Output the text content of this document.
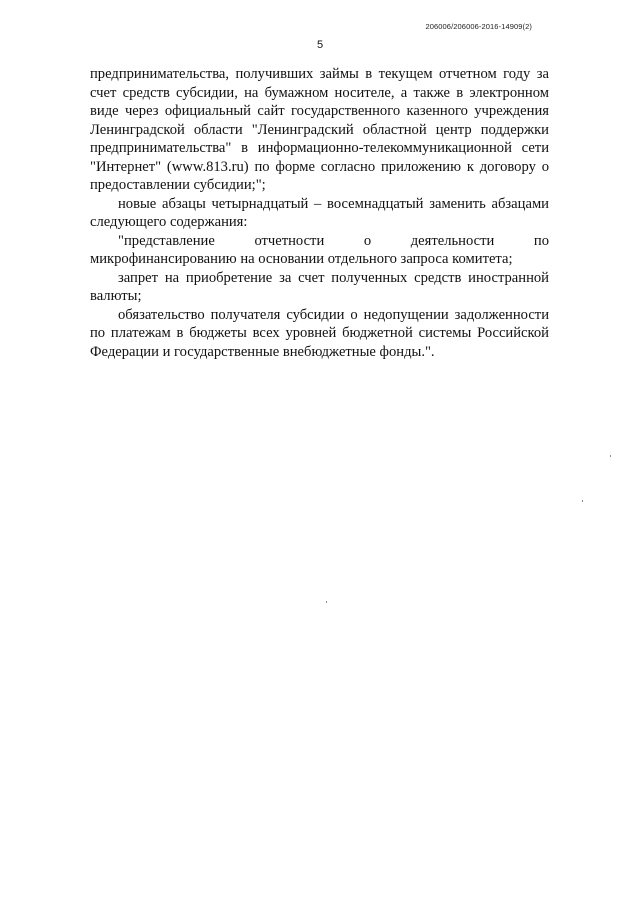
206006/206006-2016-14909(2)
5

предпринимательства, получивших займы в текущем отчетном году за счет средств субсидии, на бумажном носителе, а также в электронном виде через официальный сайт государственного казенного учреждения Ленинградской области "Ленинградский областной центр поддержки предпринимательства" в информационно-телекоммуникационной сети "Интернет" (www.813.ru) по форме согласно приложению к договору о предоставлении субсидии;";

новые абзацы четырнадцатый – восемнадцатый заменить абзацами следующего содержания:

"представление отчетности о деятельности по микрофинансированию на основании отдельного запроса комитета;

запрет на приобретение за счет полученных средств иностранной валюты;

обязательство получателя субсидии о недопущении задолженности по платежам в бюджеты всех уровней бюджетной системы Российской Федерации и государственные внебюджетные фонды.".
